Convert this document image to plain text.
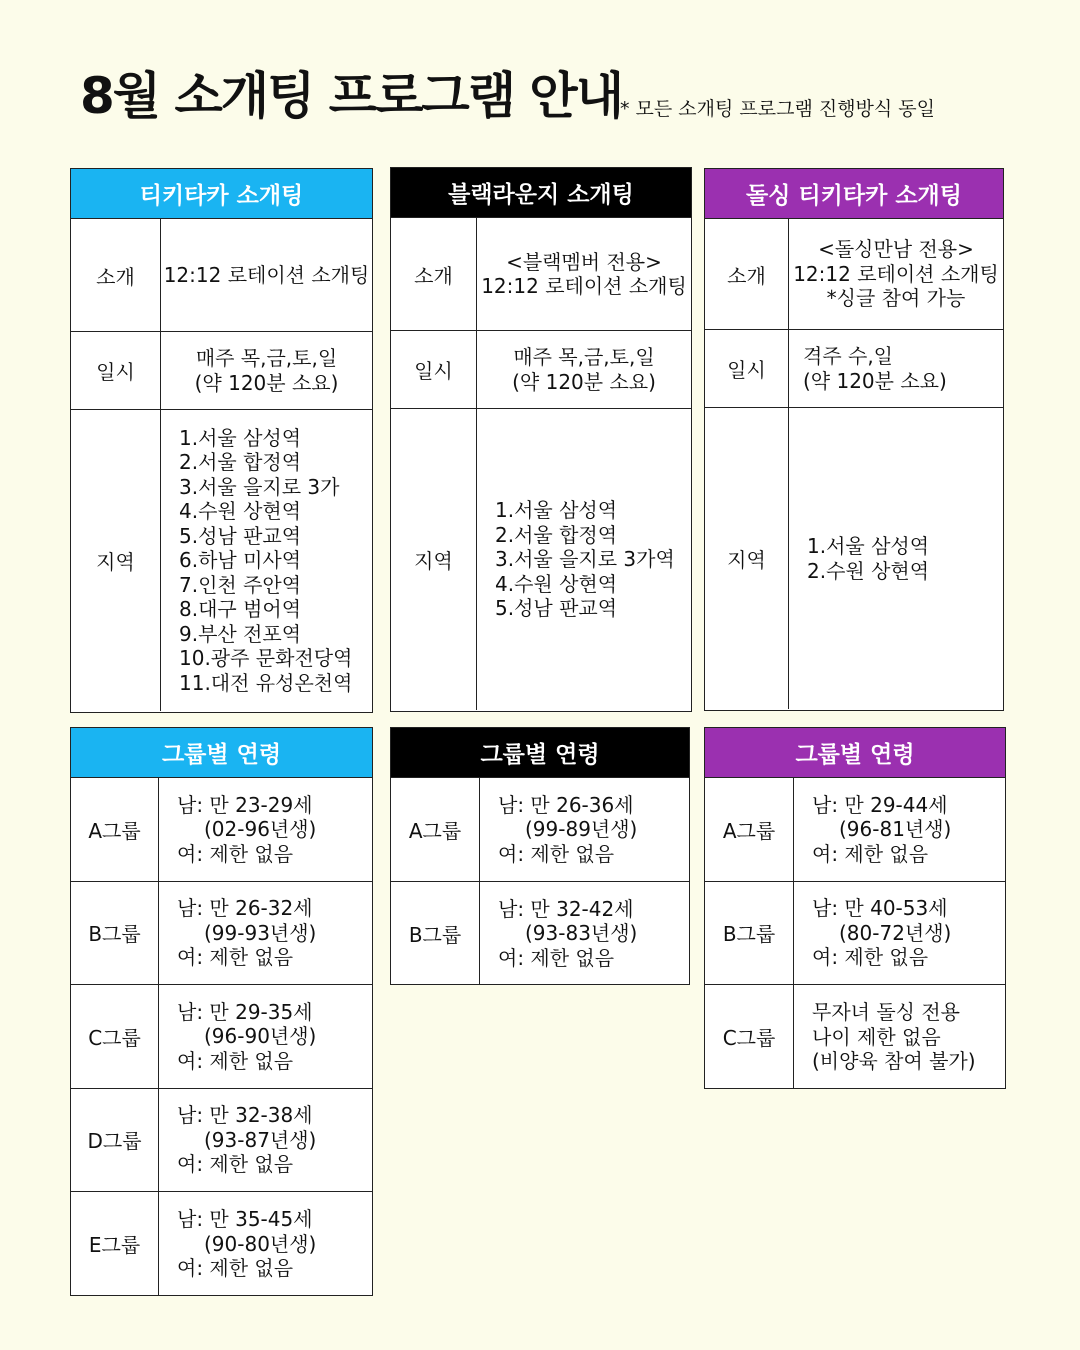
8월 소개팅 프로그램 안내
* 모든 소개팅 프로그램 진행방식 동일
티키타카 소개팅
소개	12:12 로테이션 소개팅
일시
매주 목,금,토,일
(약 120분 소요)
지역
1.서울 삼성역
2.서울 합정역
3.서울 을지로 3가
4.수원 상현역
5.성남 판교역
6.하남 미사역
7.인천 주안역
8.대구 범어역
9.부산 전포역
10.광주 문화전당역
11.대전 유성온천역
블랙라운지 소개팅
소개
<블랙멤버 전용>
12:12 로테이션 소개팅
일시
매주 목,금,토,일
(약 120분 소요)
지역
1.서울 삼성역
2.서울 합정역
3.서울 을지로 3가역
4.수원 상현역
5.성남 판교역
돌싱 티키타카 소개팅
소개
<돌싱만남 전용>
12:12 로테이션 소개팅
*싱글 참여 가능
일시
격주 수,일
(약 120분 소요)
지역
1.서울 삼성역
2.수원 상현역
그룹별 연령
A그룹
남: 만 23-29세
(02-96년생)
여: 제한 없음
B그룹
남: 만 26-32세
(99-93년생)
여: 제한 없음
C그룹
남: 만 29-35세
(96-90년생)
여: 제한 없음
D그룹
남: 만 32-38세
(93-87년생)
여: 제한 없음
E그룹
남: 만 35-45세
(90-80년생)
여: 제한 없음
그룹별 연령
A그룹
남: 만 26-36세
(99-89년생)
여: 제한 없음
B그룹
남: 만 32-42세
(93-83년생)
여: 제한 없음
그룹별 연령
A그룹
남: 만 29-44세
(96-81년생)
여: 제한 없음
B그룹
남: 만 40-53세
(80-72년생)
여: 제한 없음
C그룹
무자녀 돌싱 전용
나이 제한 없음
(비양육 참여 불가)
